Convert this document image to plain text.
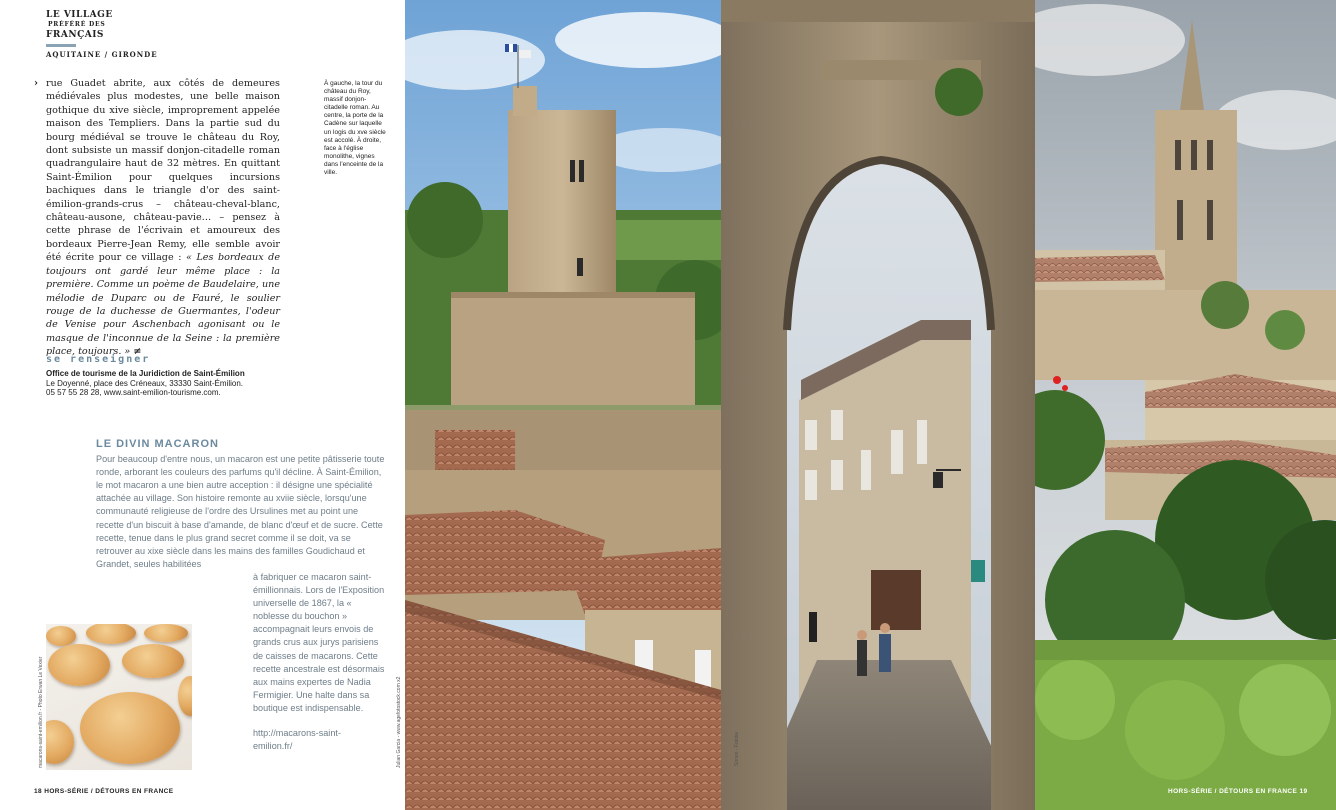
LE VILLAGE
PRÉFÉRÉ DES
FRANÇAIS
AQUITAINE / GIRONDE
› rue Guadet abrite, aux côtés de demeures médiévales plus modestes, une belle maison gothique du xive siècle, improprement appelée maison des Templiers. Dans la partie sud du bourg médiéval se trouve le château du Roy, dont subsiste un massif donjon-citadelle roman quadrangulaire haut de 32 mètres. En quittant Saint-Émilion pour quelques incursions bachiques dans le triangle d'or des saint-émilion-grands-crus – château-cheval-blanc, château-ausone, château-pavie… – pensez à cette phrase de l'écrivain et amoureux des bordeaux Pierre-Jean Remy, elle semble avoir été écrite pour ce village : « Les bordeaux de toujours ont gardé leur même place : la première. Comme un poème de Baudelaire, une mélodie de Duparc ou de Fauré, le soulier rouge de la duchesse de Guermantes, l'odeur de Venise pour Aschenbach agonisant ou le masque de l'inconnue de la Seine : la première place, toujours. » ≠
À gauche, la tour du château du Roy, massif donjon-citadelle roman. Au centre, la porte de la Cadène sur laquelle un logis du xve siècle est accolé. À droite, face à l'église monolithe, vignes dans l'enceinte de la ville.
se renseigner
Office de tourisme de la Juridiction de Saint-Émilion
Le Doyenné, place des Créneaux, 33330 Saint-Émilion.
05 57 55 28 28, www.saint-emilion-tourisme.com.
LE DIVIN MACARON
Pour beaucoup d'entre nous, un macaron est une petite pâtisserie toute ronde, arborant les couleurs des parfums qu'il décline. À Saint-Émilion, le mot macaron a une bien autre acception : il désigne une spécialité attachée au village. Son histoire remonte au xviie siècle, lorsqu'une communauté religieuse de l'ordre des Ursulines met au point une recette d'un biscuit à base d'amande, de blanc d'œuf et de sucre. Cette recette, tenue dans le plus grand secret comme il se doit, va se retrouver au xixe siècle dans les mains des familles Goudichaud et Grandet, seules habilitées
à fabriquer ce macaron saint-émillionnais. Lors de l'Exposition universelle de 1867, la « noblesse du bouchon » accompagnait leurs envois de grands crus aux jurys parisiens de caisses de macarons. Cette recette ancestrale est désormais aux mains expertes de Nadia Fermigier. Une halte dans sa boutique est indispensable.
http://macarons-saint-emilion.fr/
macarons-saint-emilion.fr - Photo Erwan Le Vexier	Julian Garcia - www.agefotostock.com x2
18 HORS-SÉRIE / DÉTOURS EN FRANCE
Sonon - Fotolia
HORS-SÉRIE / DÉTOURS EN FRANCE 19
